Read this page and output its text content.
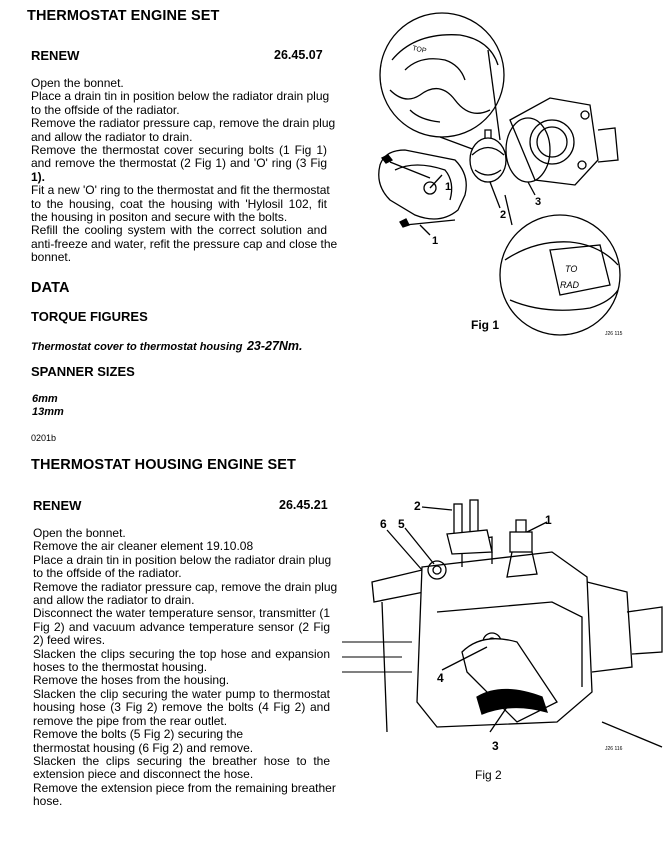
THERMOSTAT ENGINE SET
RENEW	26.45.07
Open the bonnet.
Place a drain tin in position below the radiator drain plug
to the offside of the radiator.
Remove the radiator pressure cap, remove the drain plug
and allow the radiator to drain.
Remove the thermostat cover securing bolts (1 Fig 1)
and remove the thermostat (2 Fig 1) and 'O' ring (3 Fig
1).
Fit a new 'O' ring to the thermostat and fit the thermostat
to the housing, coat the housing with 'Hylosil 102, fit
the housing in positon and secure with the bolts.
Refill the cooling system with the correct solution and
anti-freeze and water, refit the pressure cap and close the
bonnet.
DATA
TORQUE FIGURES
Thermostat cover to thermostat housing 23-27Nm.
SPANNER SIZES
6mm
13mm
0201b
THERMOSTAT HOUSING ENGINE SET
RENEW	26.45.21
Open the bonnet.
Remove the air cleaner element 19.10.08
Place a drain tin in position below the radiator drain plug
to the offside of the radiator.
Remove the radiator pressure cap, remove the drain plug
and allow the radiator to drain.
Disconnect the water temperature sensor, transmitter (1
Fig 2) and vacuum advance temperature sensor (2 Fig
2) feed wires.
Slacken the clips securing the top hose and expansion
hoses to the thermostat housing.
Remove the hoses from the housing.
Slacken the clip securing the water pump to thermostat
housing hose (3 Fig 2) remove the bolts (4 Fig 2) and
remove the pipe from the rear outlet.
Remove the bolts (5 Fig 2) securing the
thermostat housing (6 Fig 2) and remove.
Slacken the clips securing the breather hose to the
extension piece and disconnect the hose.
Remove the extension piece from the remaining breather
hose.
TOP
TO
RAD
1
1
2
3
Fig 1
J26 115
1
2
3
4
5
6
Fig 2
J26 116
